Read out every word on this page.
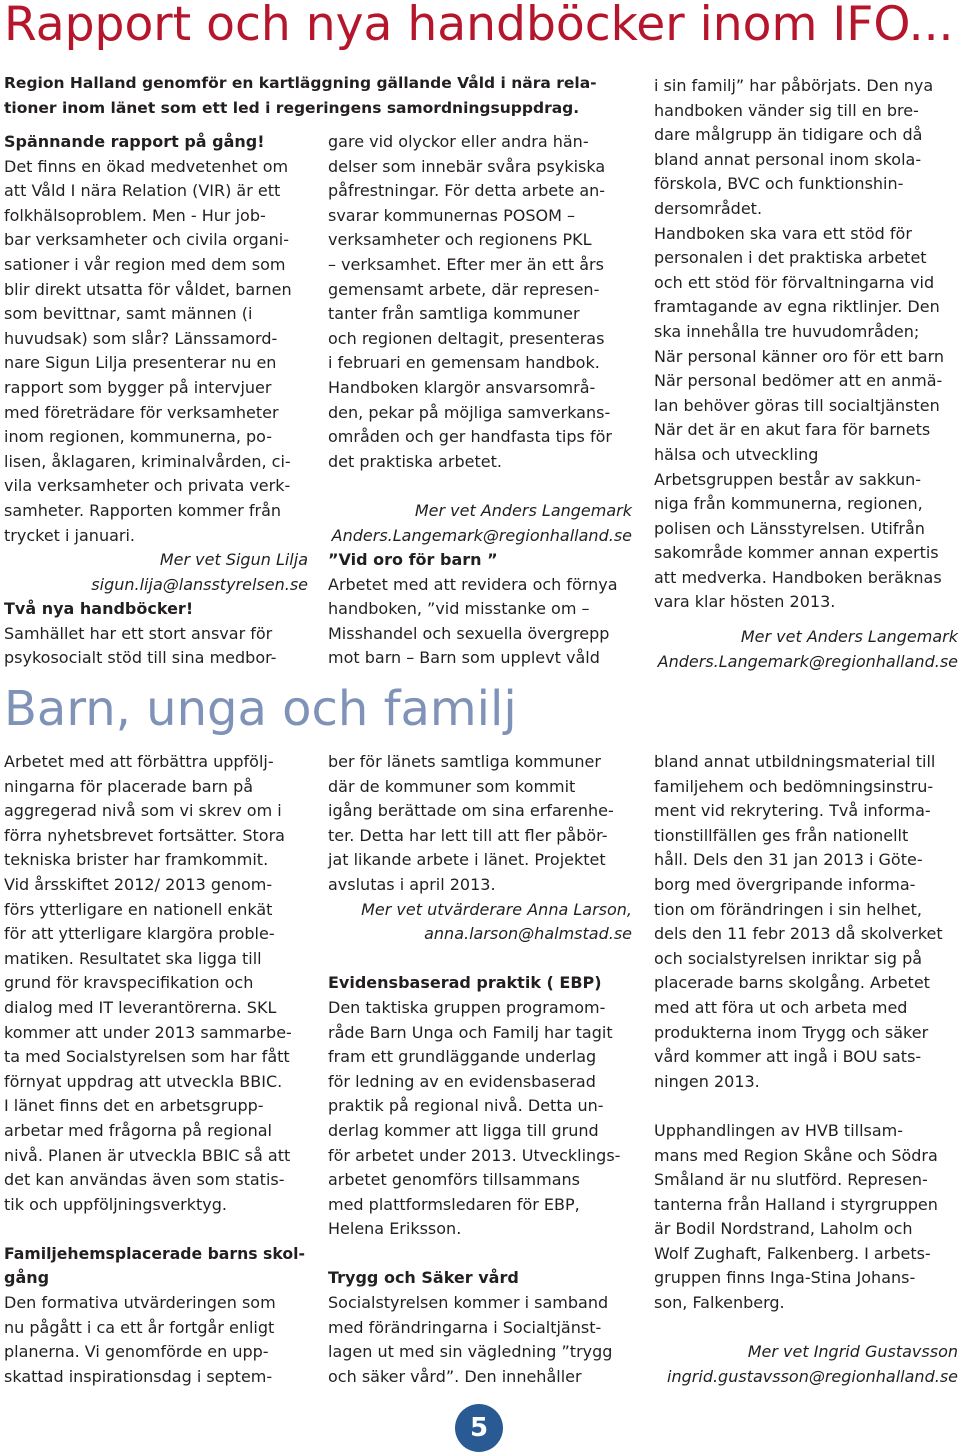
Rapport och nya handböcker inom IFO...
Region Halland genomför en kartläggning gällande Våld i nära rela-
tioner inom länet som ett led i regeringens samordningsuppdrag.
Spännande rapport på gång!
Det finns en ökad medvetenhet om
att Våld I nära Relation (VIR) är ett
folkhälsoproblem. Men - Hur job-
bar verksamheter och civila organi-
sationer i vår region med dem som
blir direkt utsatta för våldet, barnen
som bevittnar, samt männen (i
huvudsak) som slår? Länssamord-
nare Sigun Lilja presenterar nu en
rapport som bygger på intervjuer
med företrädare för verksamheter
inom regionen, kommunerna, po-
lisen, åklagaren, kriminalvården, ci-
vila verksamheter och privata verk-
samheter. Rapporten kommer från
trycket i januari.
Mer vet Sigun Lilja
sigun.lija@lansstyrelsen.se
Två nya handböcker!
Samhället har ett stort ansvar för
psykosocialt stöd till sina medbor-
gare vid olyckor eller andra hän-
delser som innebär svåra psykiska
påfrestningar. För detta arbete an-
svarar kommunernas POSOM –
verksamheter och regionens PKL
– verksamhet. Efter mer än ett års
gemensamt arbete, där represen-
tanter från samtliga kommuner
och regionen deltagit, presenteras
i februari en gemensam handbok.
Handboken klargör ansvarsområ-
den, pekar på möjliga samverkans-
områden och ger handfasta tips för
det praktiska arbetet.
Mer vet Anders Langemark
Anders.Langemark@regionhalland.se
”Vid oro för barn ”
Arbetet med att revidera och förnya
handboken, ”vid misstanke om –
Misshandel och sexuella övergrepp
mot barn – Barn som upplevt våld
i sin familj” har påbörjats. Den nya
handboken vänder sig till en bre-
dare målgrupp än tidigare och då
bland annat personal inom skola-
förskola, BVC och funktionshin-
dersområdet.
Handboken ska vara ett stöd för
personalen i det praktiska arbetet
och ett stöd för förvaltningarna vid
framtagande av egna riktlinjer. Den
ska innehålla tre huvudområden;
När personal känner oro för ett barn
När personal bedömer att en anmä-
lan behöver göras till socialtjänsten
När det är en akut fara för barnets
hälsa och utveckling
Arbetsgruppen består av sakkun-
niga från kommunerna, regionen,
polisen och Länsstyrelsen. Utifrån
sakområde kommer annan expertis
att medverka. Handboken beräknas
vara klar hösten 2013.
Mer vet Anders Langemark
Anders.Langemark@regionhalland.se
Barn, unga och familj
Arbetet med att förbättra uppfölj-
ningarna för placerade barn på
aggregerad nivå som vi skrev om i
förra nyhetsbrevet fortsätter. Stora
tekniska brister har framkommit.
Vid årsskiftet 2012/ 2013 genom-
förs ytterligare en nationell enkät
för att ytterligare klargöra proble-
matiken. Resultatet ska ligga till
grund för kravspecifikation och
dialog med IT leverantörerna. SKL
kommer att under 2013 sammarbe-
ta med Socialstyrelsen som har fått
förnyat uppdrag att utveckla BBIC.
I länet finns det en arbetsgrupp-
arbetar med frågorna på regional
nivå. Planen är utveckla BBIC så att
det kan användas även som statis-
tik och uppföljningsverktyg.
Familjehemsplacerade barns skol-
gång
Den formativa utvärderingen som
nu pågått i ca ett år fortgår enligt
planerna. Vi genomförde en upp-
skattad inspirationsdag i septem-
ber för länets samtliga kommuner
där de kommuner som kommit
igång berättade om sina erfarenhe-
ter. Detta har lett till att fler påbör-
jat likande arbete i länet. Projektet
avslutas i april 2013.
Mer vet utvärderare Anna Larson,
anna.larson@halmstad.se
Evidensbaserad praktik ( EBP)
Den taktiska gruppen programom-
råde Barn Unga och Familj har tagit
fram ett grundläggande underlag
för ledning av en evidensbaserad
praktik på regional nivå. Detta un-
derlag kommer att ligga till grund
för arbetet under 2013. Utvecklings-
arbetet genomförs tillsammans
med plattformsledaren för EBP,
Helena Eriksson.
Trygg och Säker vård
Socialstyrelsen kommer i samband
med förändringarna i Socialtjänst-
lagen ut med sin vägledning ”trygg
och säker vård”. Den innehåller
bland annat utbildningsmaterial till
familjehem och bedömningsinstru-
ment vid rekrytering. Två informa-
tionstillfällen ges från nationellt
håll. Dels den 31 jan 2013 i Göte-
borg med övergripande informa-
tion om förändringen i sin helhet,
dels den 11 febr 2013 då skolverket
och socialstyrelsen inriktar sig på
placerade barns skolgång. Arbetet
med att föra ut och arbeta med
produkterna inom Trygg och säker
vård kommer att ingå i BOU sats-
ningen 2013.
Upphandlingen av HVB tillsam-
mans med Region Skåne och Södra
Småland är nu slutförd. Represen-
tanterna från Halland i styrgruppen
är Bodil Nordstrand, Laholm och
Wolf Zughaft, Falkenberg. I arbets-
gruppen finns Inga-Stina Johans-
son, Falkenberg.
Mer vet Ingrid Gustavsson
ingrid.gustavsson@regionhalland.se
5
